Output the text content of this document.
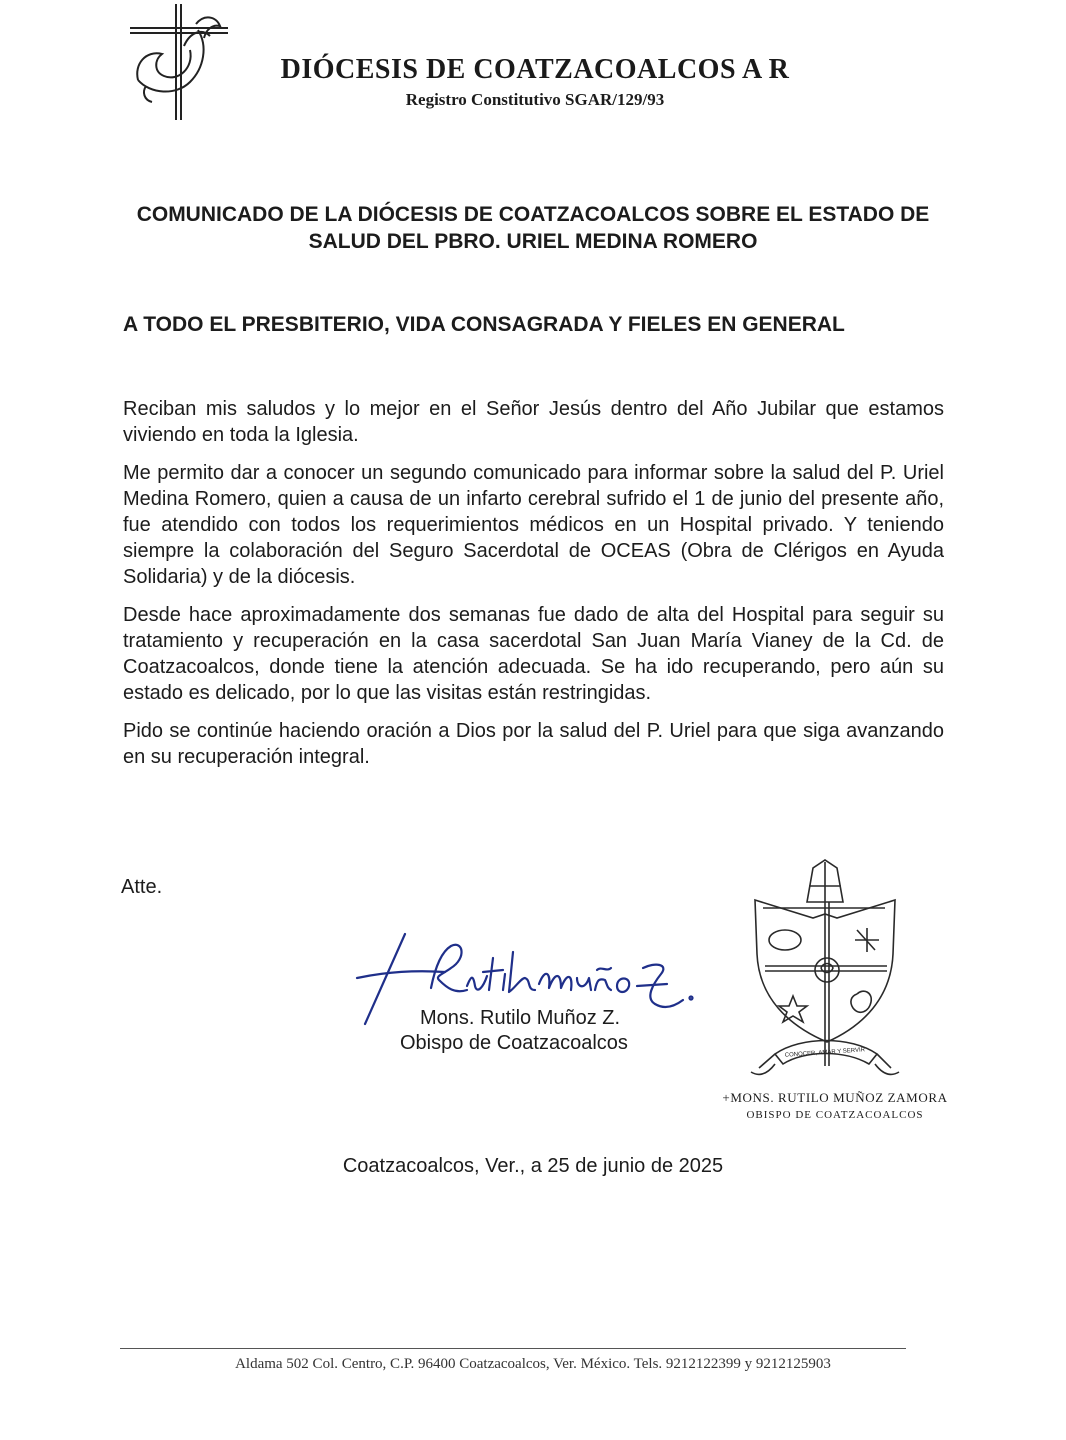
DIÓCESIS DE COATZACOALCOS A R
Registro Constitutivo SGAR/129/93
COMUNICADO DE LA DIÓCESIS DE COATZACOALCOS SOBRE EL ESTADO DE SALUD DEL PBRO. URIEL MEDINA ROMERO
A TODO EL PRESBITERIO, VIDA CONSAGRADA Y FIELES EN GENERAL

Reciban mis saludos y lo mejor en el Señor Jesús dentro del Año Jubilar que estamos viviendo en toda la Iglesia.

Me permito dar a conocer un segundo comunicado para informar sobre la salud del P. Uriel Medina Romero, quien a causa de un infarto cerebral sufrido el 1 de junio del presente año, fue atendido con todos los requerimientos médicos en un Hospital privado. Y teniendo siempre la colaboración del Seguro Sacerdotal de OCEAS (Obra de Clérigos en Ayuda Solidaria) y de la diócesis.

Desde hace aproximadamente dos semanas fue dado de alta del Hospital para seguir su tratamiento y recuperación en la casa sacerdotal San Juan María Vianey de la Cd. de Coatzacoalcos, donde tiene la atención adecuada. Se ha ido recuperando, pero aún su estado es delicado, por lo que las visitas están restringidas.

Pido se continúe haciendo oración a Dios por la salud del P. Uriel para que siga avanzando en su recuperación integral.

Atte.
Mons. Rutilo Muñoz Z.
Obispo de Coatzacoalcos	CONOCER, AMAR Y SERVIR
+MONS. RUTILO MUÑOZ ZAMORA
OBISPO DE COATZACOALCOS
Coatzacoalcos, Ver., a 25 de junio de 2025
Aldama 502 Col. Centro, C.P. 96400 Coatzacoalcos, Ver. México. Tels. 9212122399 y 9212125903
